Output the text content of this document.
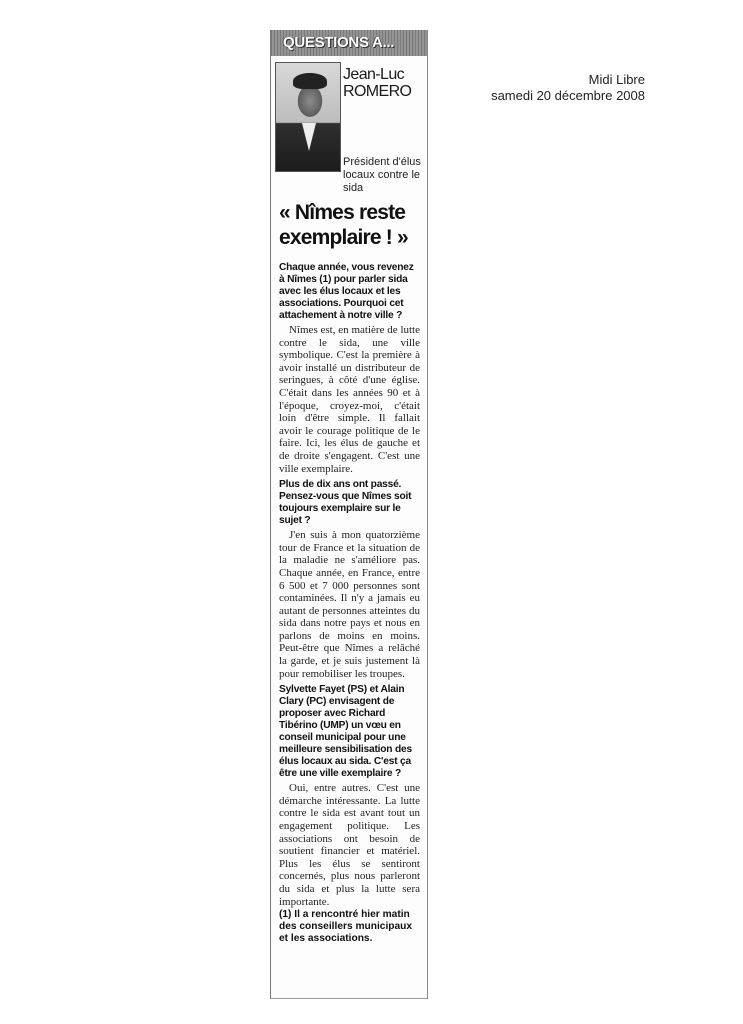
Midi Libre
samedi 20 décembre 2008
QUESTIONS A...
Jean-Luc
ROMERO
Président d'élus locaux contre le sida
« Nîmes reste exemplaire ! »

Chaque année, vous revenez à Nîmes (1) pour parler sida avec les élus locaux et les associations. Pourquoi cet attachement à notre ville ?

Nîmes est, en matière de lutte contre le sida, une ville symbolique. C'est la première à avoir installé un distributeur de seringues, à côté d'une église. C'était dans les années 90 et à l'époque, croyez-moi, c'était loin d'être simple. Il fallait avoir le courage politique de le faire. Ici, les élus de gauche et de droite s'engagent. C'est une ville exemplaire.

Plus de dix ans ont passé. Pensez-vous que Nîmes soit toujours exemplaire sur le sujet ?

J'en suis à mon quatorzième tour de France et la situation de la maladie ne s'améliore pas. Chaque année, en France, entre 6 500 et 7 000 personnes sont contaminées. Il n'y a jamais eu autant de personnes atteintes du sida dans notre pays et nous en parlons de moins en moins. Peut-être que Nîmes a relâché la garde, et je suis justement là pour remobiliser les troupes.

Sylvette Fayet (PS) et Alain Clary (PC) envisagent de proposer avec Richard Tibérino (UMP) un vœu en conseil municipal pour une meilleure sensibilisation des élus locaux au sida. C'est ça être une ville exemplaire ?

Oui, entre autres. C'est une démarche intéressante. La lutte contre le sida est avant tout un engagement politique. Les associations ont besoin de soutient financier et matériel. Plus les élus se sentiront concernés, plus nous parleront du sida et plus la lutte sera importante.

(1) Il a rencontré hier matin des conseillers municipaux et les associations.
